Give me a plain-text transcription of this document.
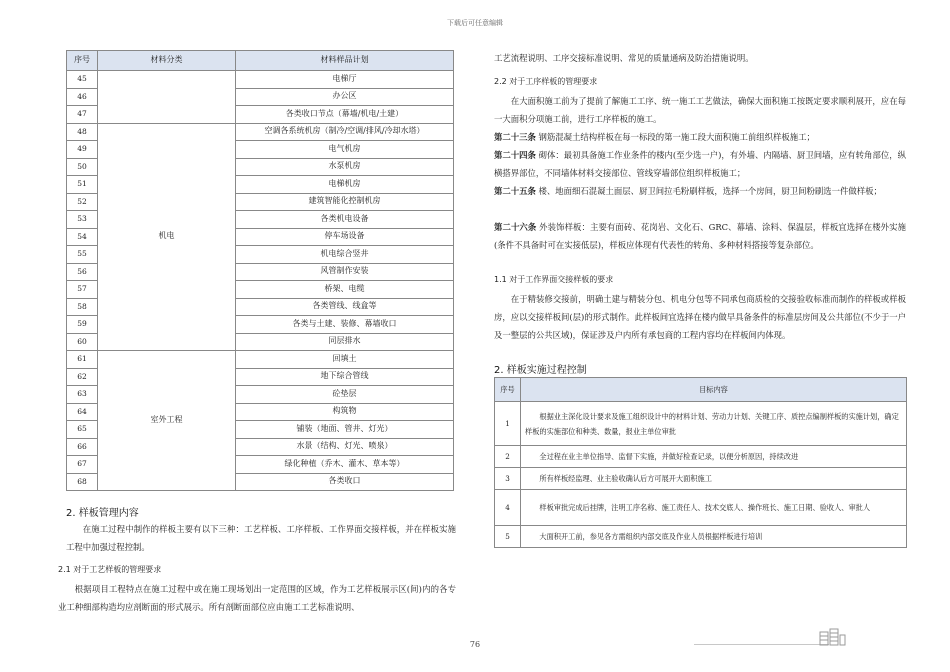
下载后可任意编辑
序号	材料分类	材料样品计划
45		电梯厅
46		办公区
47		各类收口节点（幕墙/机电/土建）
48	机电	空调各系统机房（制冷/空调/排风/冷却水塔）
49		电气机房
50		水泵机房
51		电梯机房
52		建筑智能化控制机房
53		各类机电设备
54		停车场设备
55		机电综合竖井
56		风管制作安装
57		桥架、电缆
58		各类管线、线盒等
59		各类与土建、装修、幕墙收口
60		同层排水
61	室外工程	回填土
62		地下综合管线
63		砼垫层
64		构筑物
65		铺装（地面、管井、灯光）
66		水景（结构、灯光、喷泉）
67		绿化种植（乔木、灌木、草本等）
68		各类收口
2. 样板管理内容

在施工过程中制作的样板主要有以下三种：工艺样板、工序样板、工作界面交接样板，并在样板实施工程中加强过程控制。

2.1 对于工艺样板的管理要求

根据项目工程特点在施工过程中或在施工现场划出一定范围的区域，作为工艺样板展示区(间)内的各专业工种细部构造均应剖断面的形式展示。所有剖断面部位应由施工工艺标准说明、

工艺流程说明、工序交接标准说明、常见的质量通病及防治措施说明。

2.2 对于工序样板的管理要求

在大面积施工前为了提前了解施工工序、统一施工工艺做法，确保大面积施工按既定要求顺利展开，应在每一大面积分项施工前，进行工序样板的施工。

第二十三条 钢筋混凝土结构样板在每一标段的第一施工段大面积施工前组织样板施工；

第二十四条 砌体：最初具备施工作业条件的楼内(至少选一户)，有外墙、内隔墙、厨卫间墙，应有转角部位，纵横搭界部位，不同墙体材料交接部位、管线穿墙部位组织样板施工；

第二十五条 楼、地面细石混凝土面层、厨卫间拉毛粉刷样板，选择一个房间，厨卫间粉刷选一件做样板；

第二十六条 外装饰样板：主要有面砖、花岗岩、文化石、GRC、幕墙、涂料、保温层，样板宜选择在楼外实施(条件不具备时可在实接低层)，样板应体现有代表性的转角、多种材料搭接等复杂部位。

1.1 对于工作界面交接样板的要求

在于精装修交接前，明确土建与精装分包、机电分包等不同承包商质检的交接验收标准而制作的样板或样板房，应以交接样板间(层)的形式制作。此样板间宜选择在楼内做早具备条件的标准层房间及公共部位(不少于一户及一整层的公共区域)，保证涉及户内所有承包商的工程内容均在样板间内体现。

2. 样板实施过程控制
序号	目标内容
1	根据业主深化设计要求及施工组织设计中的材料计划、劳动力计划、关键工序、质控点编制样板的实施计划，确定样板的实施部位和种类、数量，报业主单位审批
2	全过程在业主单位指导、监督下实施，并做好检查记录，以便分析原因，持续改进
3	所有样板经监理、业主验收确认后方可展开大面积施工
4	样板审批完成后挂牌，注明工序名称、施工责任人、技术交底人、操作班长、施工日期、验收人、审批人
5	大面积开工前，参见各方需组织内部交底及作业人员根据样板进行培训
76
